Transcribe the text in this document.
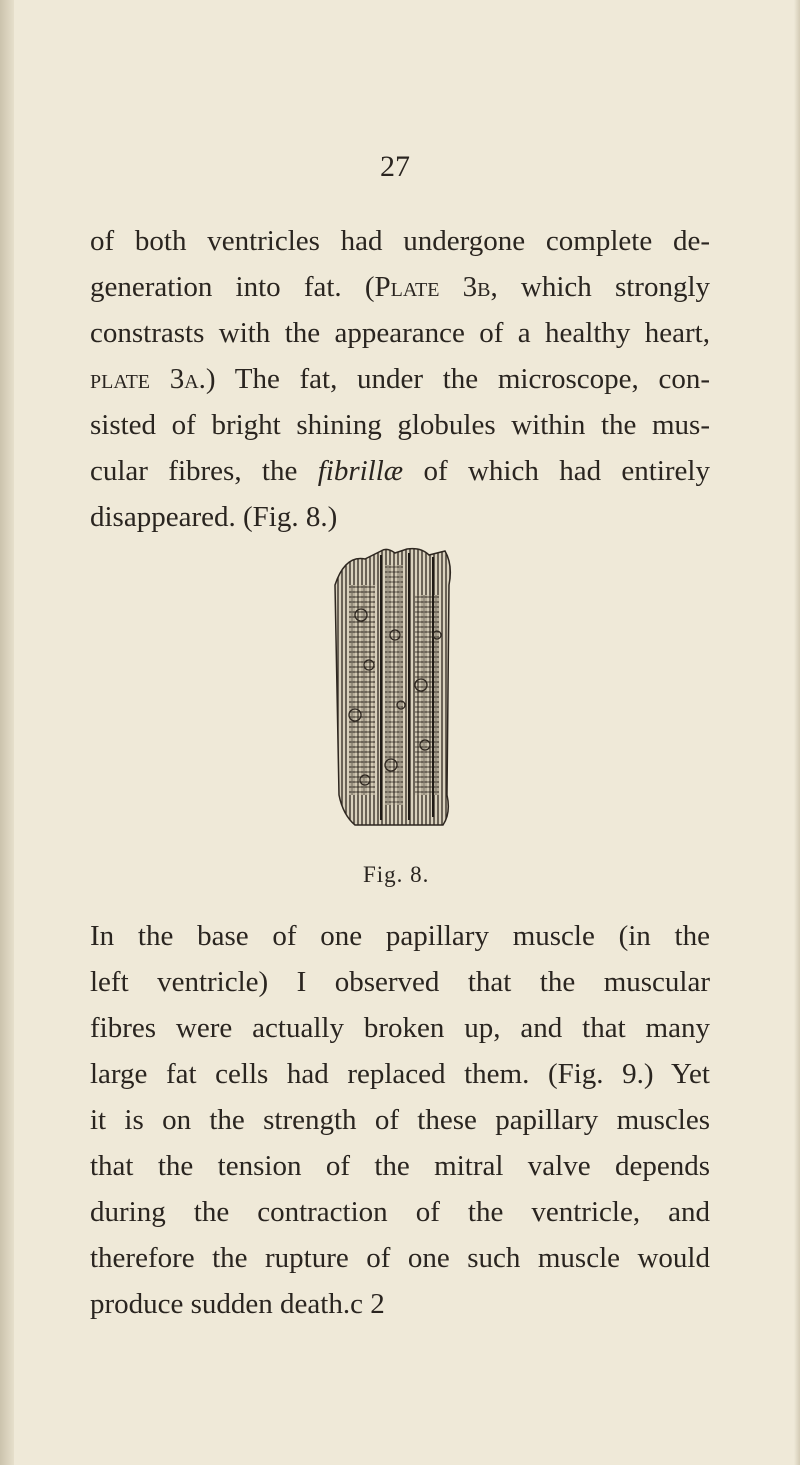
27

of both ventricles had undergone complete de-
generation into fat. (Plate 3b, which strongly
constrasts with the appearance of a healthy heart,
plate 3a.) The fat, under the microscope, con-
sisted of bright shining globules within the mus-
cular fibres, the fibrillæ of which had entirely
disappeared. (Fig. 8.)

Fig. 8.

In the base of one papillary muscle (in the
left ventricle) I observed that the muscular
fibres were actually broken up, and that many
large fat cells had replaced them. (Fig. 9.) Yet
it is on the strength of these papillary muscles
that the tension of the mitral valve depends
during the contraction of the ventricle, and
therefore the rupture of one such muscle would
produce sudden death.c 2
